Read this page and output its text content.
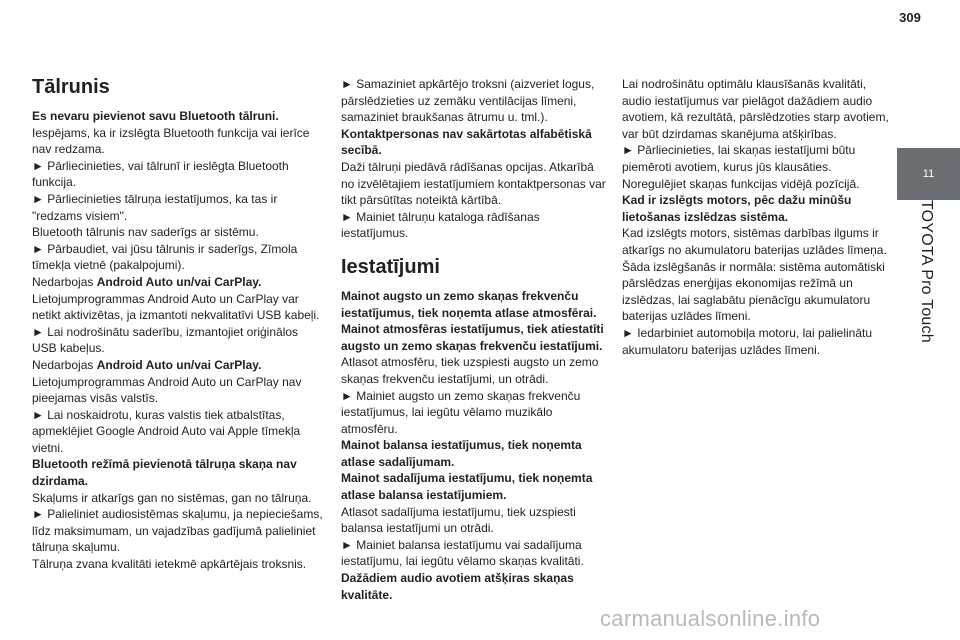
309
11
TOYOTA Pro Touch
Tālrunis

Es nevaru pievienot savu Bluetooth tālruni.

Iespējams, ka ir izslēgta Bluetooth funkcija vai ierīce nav redzama.

► Pārliecinieties, vai tālrunī ir ieslēgta Bluetooth funkcija.

► Pārliecinieties tālruņa iestatījumos, ka tas ir "redzams visiem".

Bluetooth tālrunis nav saderīgs ar sistēmu.

► Pārbaudiet, vai jūsu tālrunis ir saderīgs, Zīmola tīmekļa vietnē (pakalpojumi).

Nedarbojas Android Auto un/vai CarPlay.

Lietojumprogrammas Android Auto un CarPlay var netikt aktivizētas, ja izmantoti nekvalitatīvi USB kabeļi.

► Lai nodrošinātu saderību, izmantojiet oriģinālos USB kabeļus.

Nedarbojas Android Auto un/vai CarPlay.

Lietojumprogrammas Android Auto un CarPlay nav pieejamas visās valstīs.

► Lai noskaidrotu, kuras valstis tiek atbalstītas, apmeklējiet Google Android Auto vai Apple tīmekļa vietni.

Bluetooth režīmā pievienotā tālruņa skaņa nav dzirdama.

Skaļums ir atkarīgs gan no sistēmas, gan no tālruņa.

► Palieliniet audiosistēmas skaļumu, ja nepieciešams, līdz maksimumam, un vajadzības gadījumā palieliniet tālruņa skaļumu.

Tālruņa zvana kvalitāti ietekmē apkārtējais troksnis.

► Samaziniet apkārtējo troksni (aizveriet logus, pārslēdzieties uz zemāku ventilācijas līmeni, samaziniet braukšanas ātrumu u. tml.).

Kontaktpersonas nav sakārtotas alfabētiskā secībā.

Daži tālruņi piedāvā rādīšanas opcijas. Atkarībā no izvēlētajiem iestatījumiem kontaktpersonas var tikt pārsūtītas noteiktā kārtībā.

► Mainiet tālruņu kataloga rādīšanas iestatījumus.

Iestatījumi

Mainot augsto un zemo skaņas frekvenču iestatījumus, tiek noņemta atlase atmosfērai.

Mainot atmosfēras iestatījumus, tiek atiestatīti augsto un zemo skaņas frekvenču iestatījumi.

Atlasot atmosfēru, tiek uzspiesti augsto un zemo skaņas frekvenču iestatījumi, un otrādi.

► Mainiet augsto un zemo skaņas frekvenču iestatījumus, lai iegūtu vēlamo muzikālo atmosfēru.

Mainot balansa iestatījumus, tiek noņemta atlase sadalījumam.

Mainot sadalījuma iestatījumu, tiek noņemta atlase balansa iestatījumiem.

Atlasot sadalījuma iestatījumu, tiek uzspiesti balansa iestatījumi un otrādi.

► Mainiet balansa iestatījumu vai sadalījuma iestatījumu, lai iegūtu vēlamo skaņas kvalitāti.

Dažādiem audio avotiem atšķiras skaņas kvalitāte.

Lai nodrošinātu optimālu klausīšanās kvalitāti, audio iestatījumus var pielāgot dažādiem audio avotiem, kā rezultātā, pārslēdzoties starp avotiem, var būt dzirdamas skanējuma atšķirības.

► Pārliecinieties, lai skaņas iestatījumi būtu piemēroti avotiem, kurus jūs klausāties. Noregulējiet skaņas funkcijas vidējā pozīcijā.

Kad ir izslēgts motors, pēc dažu minūšu lietošanas izslēdzas sistēma.

Kad izslēgts motors, sistēmas darbības ilgums ir atkarīgs no akumulatoru baterijas uzlādes līmeņa.

Šāda izslēgšanās ir normāla: sistēma automātiski pārslēdzas enerģijas ekonomijas režīmā un izslēdzas, lai saglabātu pienācīgu akumulatoru baterijas uzlādes līmeni.

► Iedarbiniet automobiļa motoru, lai palielinātu akumulatoru baterijas uzlādes līmeni.

carmanualsonline.info
